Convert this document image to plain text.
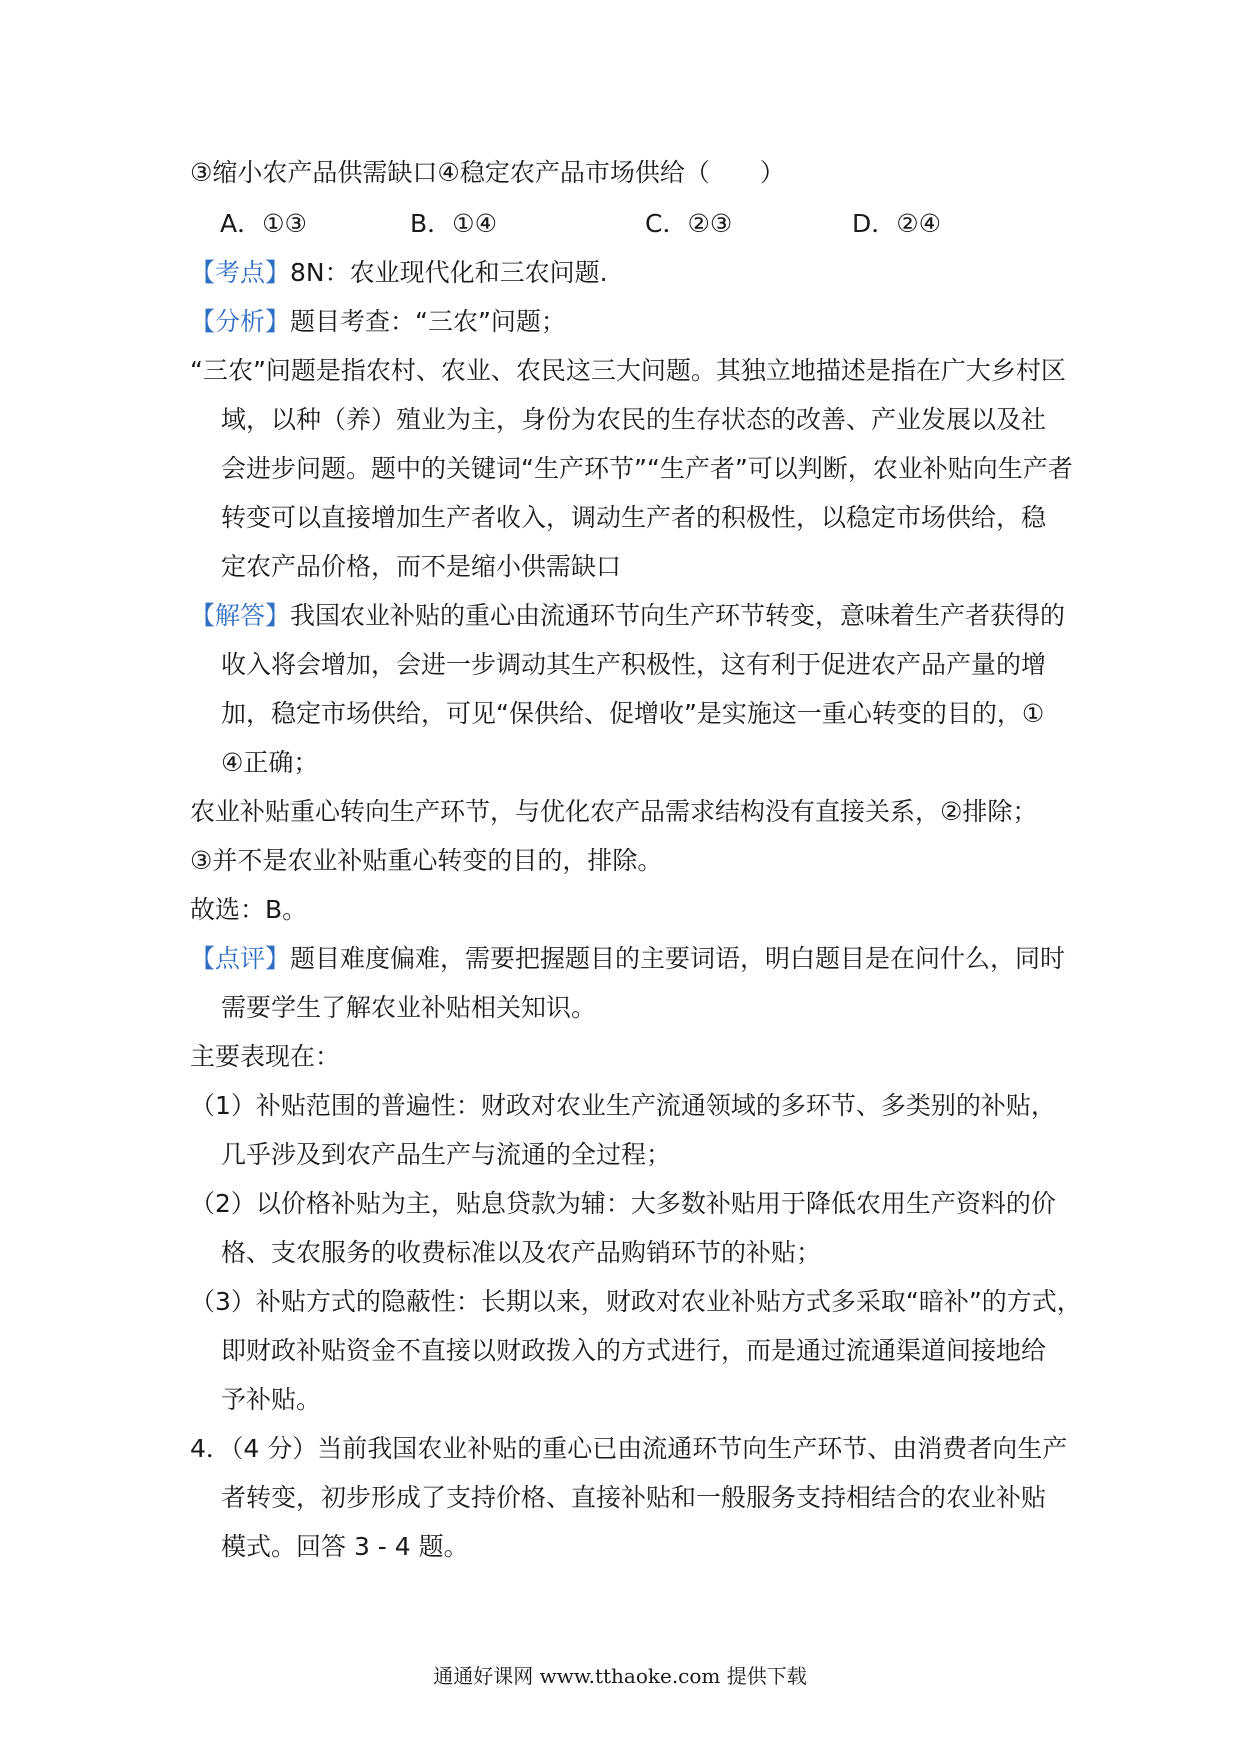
③缩小农产品供需缺口④稳定农产品市场供给（　　）
A．①③	B．①④	C．②③	D．②④
【考点】8N：农业现代化和三农问题.
【分析】题目考查：“三农”问题；
“三农”问题是指农村、农业、农民这三大问题。其独立地描述是指在广大乡村区
域，以种（养）殖业为主，身份为农民的生存状态的改善、产业发展以及社
会进步问题。题中的关键词“生产环节”“生产者”可以判断，农业补贴向生产者
转变可以直接增加生产者收入，调动生产者的积极性，以稳定市场供给，稳
定农产品价格，而不是缩小供需缺口
【解答】我国农业补贴的重心由流通环节向生产环节转变，意味着生产者获得的
收入将会增加，会进一步调动其生产积极性，这有利于促进农产品产量的增
加，稳定市场供给，可见“保供给、促增收”是实施这一重心转变的目的，①
④正确；
农业补贴重心转向生产环节，与优化农产品需求结构没有直接关系，②排除；
③并不是农业补贴重心转变的目的，排除。
故选：B。
【点评】题目难度偏难，需要把握题目的主要词语，明白题目是在问什么，同时
需要学生了解农业补贴相关知识。
主要表现在：
（1）补贴范围的普遍性：财政对农业生产流通领域的多环节、多类别的补贴，
几乎涉及到农产品生产与流通的全过程；
（2）以价格补贴为主，贴息贷款为辅：大多数补贴用于降低农用生产资料的价
格、支农服务的收费标准以及农产品购销环节的补贴；
（3）补贴方式的隐蔽性：长期以来，财政对农业补贴方式多采取“暗补”的方式，
即财政补贴资金不直接以财政拨入的方式进行，而是通过流通渠道间接地给
予补贴。
4．（4 分）当前我国农业补贴的重心已由流通环节向生产环节、由消费者向生产
者转变，初步形成了支持价格、直接补贴和一般服务支持相结合的农业补贴
模式。回答 3 - 4 题。
通通好课网 www.tthaoke.com 提供下载
